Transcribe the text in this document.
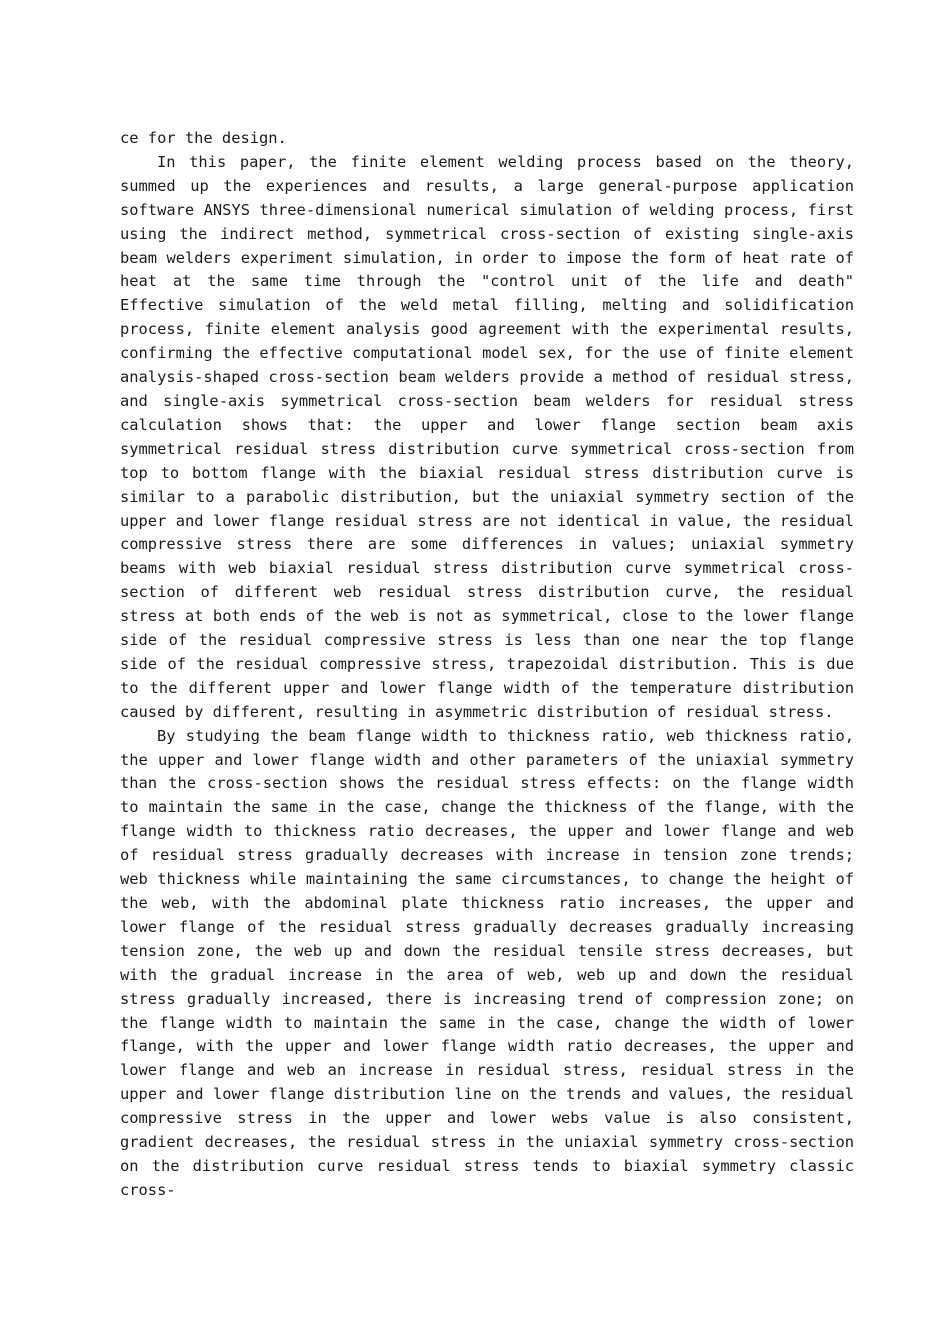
ce for the design.

In this paper, the finite element welding process based on the theory, summed up the experiences and results, a large general-purpose application software ANSYS three-dimensional numerical simulation of welding process, first using the indirect method, symmetrical cross-section of existing single-axis beam welders experiment simulation, in order to impose the form of heat rate of heat at the same time through the "control unit of the life and death" Effective simulation of the weld metal filling, melting and solidification process, finite element analysis good agreement with the experimental results, confirming the effective computational model sex, for the use of finite element analysis-shaped cross-section beam welders provide a method of residual stress, and single-axis symmetrical cross-section beam welders for residual stress calculation shows that: the upper and lower flange section beam axis symmetrical residual stress distribution curve symmetrical cross-section from top to bottom flange with the biaxial residual stress distribution curve is similar to a parabolic distribution, but the uniaxial symmetry section of the upper and lower flange residual stress are not identical in value, the residual compressive stress there are some differences in values; uniaxial symmetry beams with web biaxial residual stress distribution curve symmetrical cross-section of different web residual stress distribution curve, the residual stress at both ends of the web is not as symmetrical, close to the lower flange side of the residual compressive stress is less than one near the top flange side of the residual compressive stress, trapezoidal distribution. This is due to the different upper and lower flange width of the temperature distribution caused by different, resulting in asymmetric distribution of residual stress.

By studying the beam flange width to thickness ratio, web thickness ratio, the upper and lower flange width and other parameters of the uniaxial symmetry than the cross-section shows the residual stress effects: on the flange width to maintain the same in the case, change the thickness of the flange, with the flange width to thickness ratio decreases, the upper and lower flange and web of residual stress gradually decreases with increase in tension zone trends; web thickness while maintaining the same circumstances, to change the height of the web, with the abdominal plate thickness ratio increases, the upper and lower flange of the residual stress gradually decreases gradually increasing tension zone, the web up and down the residual tensile stress decreases, but with the gradual increase in the area of web, web up and down the residual stress gradually increased, there is increasing trend of compression zone; on the flange width to maintain the same in the case, change the width of lower flange, with the upper and lower flange width ratio decreases, the upper and lower flange and web an increase in residual stress, residual stress in the upper and lower flange distribution line on the trends and values, the residual compressive stress in the upper and lower webs value is also consistent, gradient decreases, the residual stress in the uniaxial symmetry cross-section on the distribution curve residual stress tends to biaxial symmetry classic cross-
